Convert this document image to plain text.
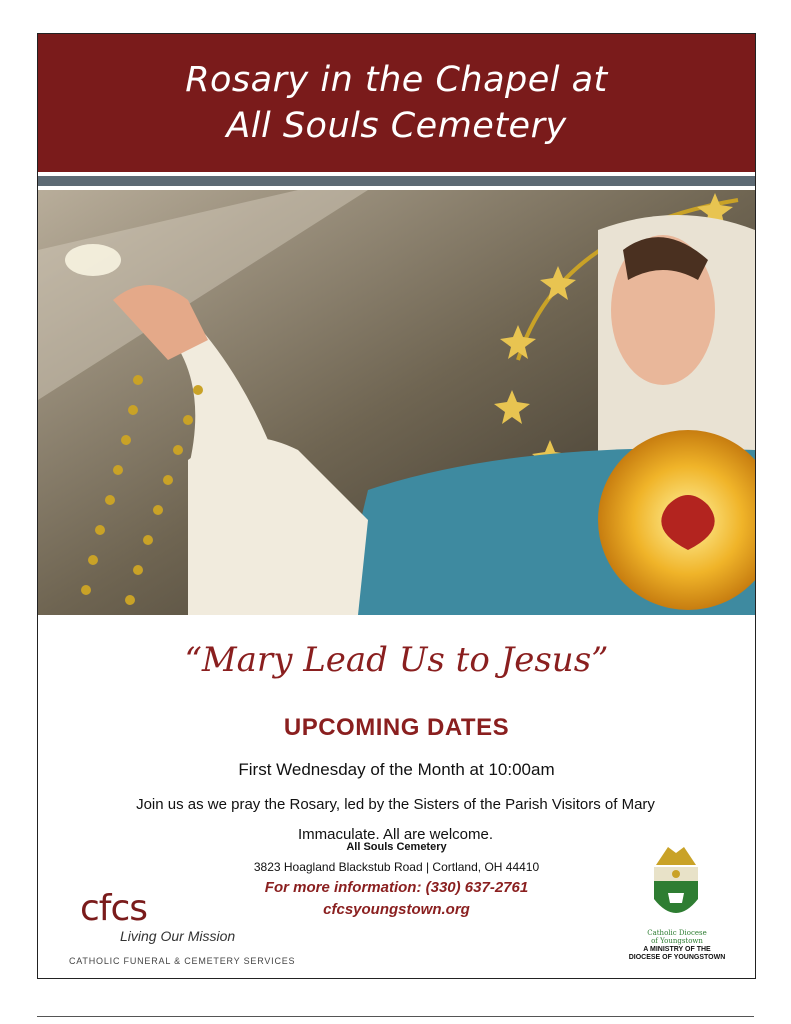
Rosary in the Chapel at
All Souls Cemetery
“Mary Lead Us to Jesus”
UPCOMING DATES
First Wednesday of the Month at 10:00am
Join us as we pray the Rosary, led by the Sisters of the Parish Visitors of Mary
Immaculate. All are welcome.
All Souls Cemetery
3823 Hoagland Blackstub Road | Cortland, OH 44410
For more information: (330) 637-2761
cfcsyoungstown.org
cfcs
Living Our Mission
CATHOLIC FUNERAL & CEMETERY SERVICES
Catholic Diocese
of Youngstown
A MINISTRY OF THE
DIOCESE OF YOUNGSTOWN
